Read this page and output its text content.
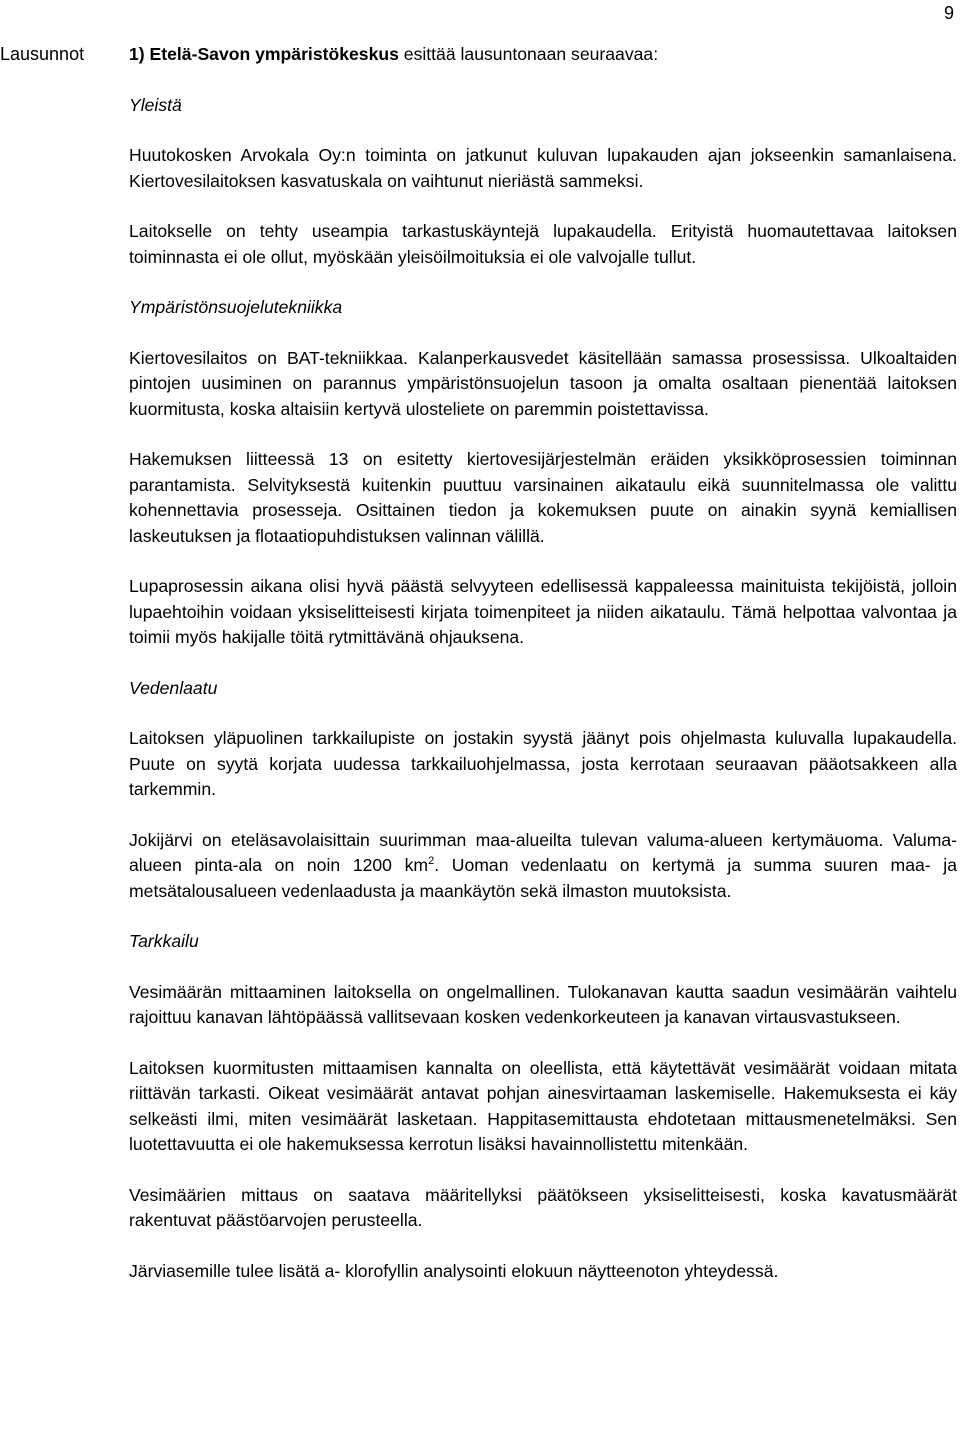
9
Lausunnot	1) Etelä-Savon ympäristökeskus esittää lausuntonaan seuraavaa:

Yleistä

Huutokosken Arvokala Oy:n toiminta on jatkunut kuluvan lupakauden ajan jokseenkin samanlaisena. Kiertovesilaitoksen kasvatuskala on vaihtunut nieriästä sammeksi.

Laitokselle on tehty useampia tarkastuskäyntejä lupakaudella. Erityistä huomautettavaa laitoksen toiminnasta ei ole ollut, myöskään yleisöilmoituksia ei ole valvojalle tullut.

Ympäristönsuojelutekniikka

Kiertovesilaitos on BAT-tekniikkaa. Kalanperkausvedet käsitellään samassa prosessissa. Ulkoaltaiden pintojen uusiminen on parannus ympäristönsuojelun tasoon ja omalta osaltaan pienentää laitoksen kuormitusta, koska altaisiin kertyvä ulosteliete on paremmin poistettavissa.

Hakemuksen liitteessä 13 on esitetty kiertovesijärjestelmän eräiden yksikköprosessien toiminnan parantamista. Selvityksestä kuitenkin puuttuu varsinainen aikataulu eikä suunnitelmassa ole valittu kohennettavia prosesseja. Osittainen tiedon ja kokemuksen puute on ainakin syynä kemiallisen laskeutuksen ja flotaatiopuhdistuksen valinnan välillä.

Lupaprosessin aikana olisi hyvä päästä selvyyteen edellisessä kappaleessa mainituista tekijöistä, jolloin lupaehtoihin voidaan yksiselitteisesti kirjata toimenpiteet ja niiden aikataulu. Tämä helpottaa valvontaa ja toimii myös hakijalle töitä rytmittävänä ohjauksena.

Vedenlaatu

Laitoksen yläpuolinen tarkkailupiste on jostakin syystä jäänyt pois ohjelmasta kuluvalla lupakaudella. Puute on syytä korjata uudessa tarkkailuohjelmassa, josta kerrotaan seuraavan pääotsakkeen alla tarkemmin.

Jokijärvi on eteläsavolaisittain suurimman maa-alueilta tulevan valuma-alueen kertymäuoma. Valuma-alueen pinta-ala on noin 1200 $km^2$. Uoman vedenlaatu on kertymä ja summa suuren maa- ja metsätalousalueen vedenlaadusta ja maankäytön sekä ilmaston muutoksista.

Tarkkailu

Vesimäärän mittaaminen laitoksella on ongelmallinen. Tulokanavan kautta saadun vesimäärän vaihtelu rajoittuu kanavan lähtöpäässä vallitsevaan kosken vedenkorkeuteen ja kanavan virtausvastukseen.

Laitoksen kuormitusten mittaamisen kannalta on oleellista, että käytettävät vesimäärät voidaan mitata riittävän tarkasti. Oikeat vesimäärät antavat pohjan ainesvirtaaman laskemiselle. Hakemuksesta ei käy selkeästi ilmi, miten vesimäärät lasketaan. Happitasemittausta ehdotetaan mittausmenetelmäksi. Sen luotettavuutta ei ole hakemuksessa kerrotun lisäksi havainnollistettu mitenkään.

Vesimäärien mittaus on saatava määritellyksi päätökseen yksiselitteisesti, koska kavatusmäärät rakentuvat päästöarvojen perusteella.

Järviasemille tulee lisätä a- klorofyllin analysointi elokuun näytteenoton yhteydessä.
